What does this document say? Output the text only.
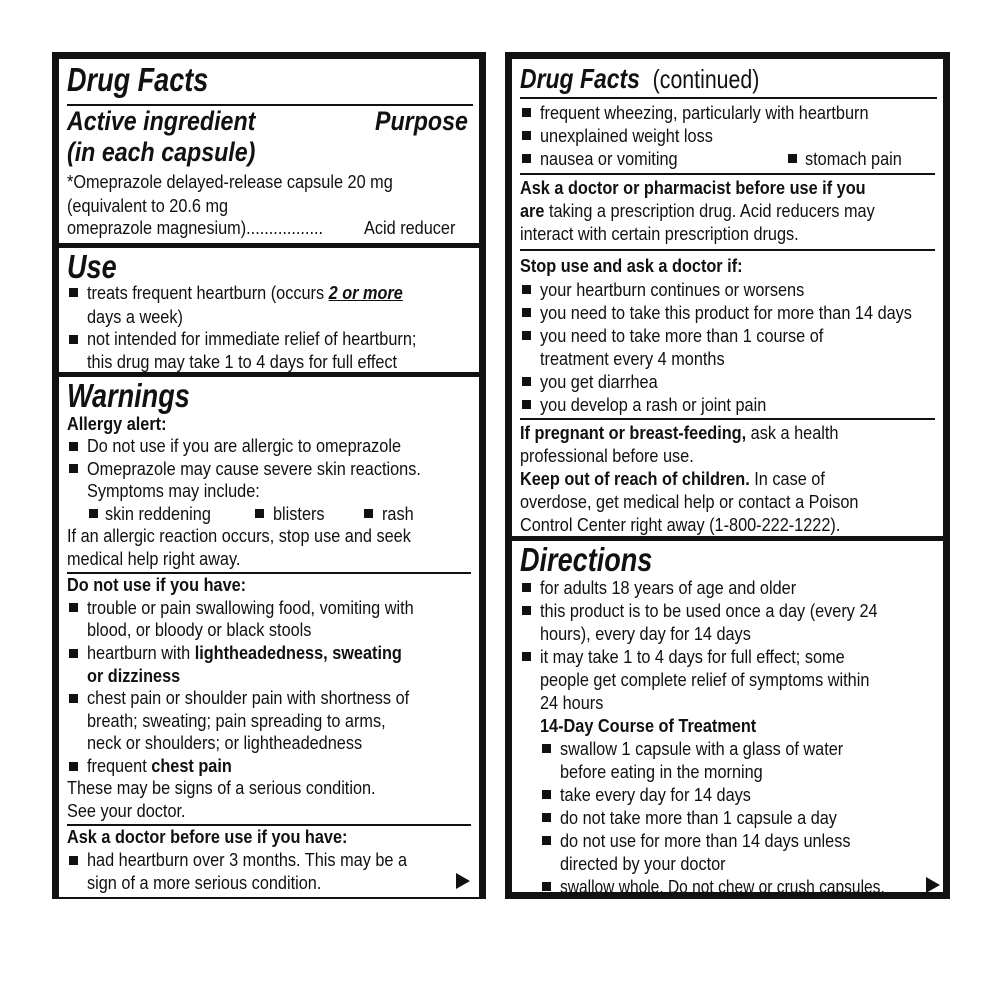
Drug Facts
Active ingredient	Purpose
(in each capsule)
*Omeprazole delayed-release capsule 20 mg
(equivalent to 20.6 mg
omeprazole magnesium)................. Acid reducer
Use
treats frequent heartburn (occurs 2 or more
days a week)
not intended for immediate relief of heartburn;
this drug may take 1 to 4 days for full effect
Warnings
Allergy alert:
Do not use if you are allergic to omeprazole
Omeprazole may cause severe skin reactions.
Symptoms may include:
skin reddening	blisters	rash
If an allergic reaction occurs, stop use and seek
medical help right away.
Do not use if you have:
trouble or pain swallowing food, vomiting with
blood, or bloody or black stools
heartburn with lightheadedness, sweating
or dizziness
chest pain or shoulder pain with shortness of
breath; sweating; pain spreading to arms,
neck or shoulders; or lightheadedness
frequent chest pain
These may be signs of a serious condition.
See your doctor.
Ask a doctor before use if you have:
had heartburn over 3 months. This may be a
sign of a more serious condition.
Drug Facts (continued)
frequent wheezing, particularly with heartburn
unexplained weight loss
nausea or vomiting	stomach pain
Ask a doctor or pharmacist before use if you
are taking a prescription drug. Acid reducers may
interact with certain prescription drugs.
Stop use and ask a doctor if:
your heartburn continues or worsens
you need to take this product for more than 14 days
you need to take more than 1 course of
treatment every 4 months
you get diarrhea
you develop a rash or joint pain
If pregnant or breast-feeding, ask a health
professional before use.
Keep out of reach of children. In case of
overdose, get medical help or contact a Poison
Control Center right away (1-800-222-1222).
Directions
for adults 18 years of age and older
this product is to be used once a day (every 24
hours), every day for 14 days
it may take 1 to 4 days for full effect; some
people get complete relief of symptoms within
24 hours
14-Day Course of Treatment
swallow 1 capsule with a glass of water
before eating in the morning
take every day for 14 days
do not take more than 1 capsule a day
do not use for more than 14 days unless
directed by your doctor
swallow whole. Do not chew or crush capsules.
